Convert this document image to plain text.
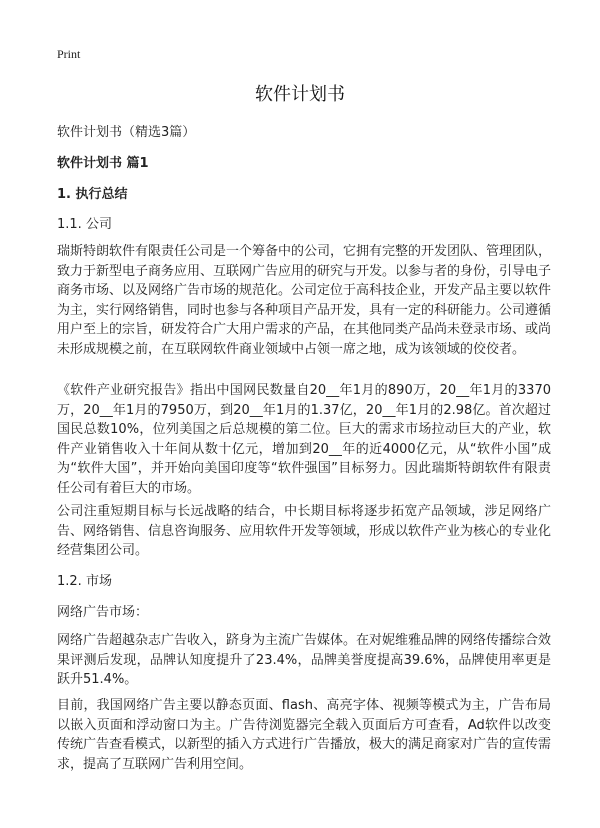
Print
软件计划书
软件计划书（精选3篇）
软件计划书 篇1
1. 执行总结
1.1. 公司
瑞斯特朗软件有限责任公司是一个筹备中的公司，它拥有完整的开发团队、管理团队，致力于新型电子商务应用、互联网广告应用的研究与开发。以参与者的身份，引导电子商务市场、以及网络广告市场的规范化。公司定位于高科技企业，开发产品主要以软件为主，实行网络销售，同时也参与各种项目产品开发，具有一定的科研能力。公司遵循用户至上的宗旨，研发符合广大用户需求的产品，在其他同类产品尚未登录市场、或尚未形成规模之前，在互联网软件商业领域中占领一席之地，成为该领域的佼佼者。
《软件产业研究报告》指出中国网民数量自20__年1月的890万，20__年1月的3370万，20__年1月的7950万，到20__年1月的1.37亿，20__年1月的2.98亿。首次超过国民总数10%，位列美国之后总规模的第二位。巨大的需求市场拉动巨大的产业，软件产业销售收入十年间从数十亿元，增加到20__年的近4000亿元，从“软件小国”成为“软件大国”，并开始向美国印度等“软件强国”目标努力。因此瑞斯特朗软件有限责任公司有着巨大的市场。
公司注重短期目标与长远战略的结合，中长期目标将逐步拓宽产品领域，涉足网络广告、网络销售、信息咨询服务、应用软件开发等领域，形成以软件产业为核心的专业化经营集团公司。
1.2. 市场
网络广告市场：
网络广告超越杂志广告收入，跻身为主流广告媒体。在对妮维雅品牌的网络传播综合效果评测后发现，品牌认知度提升了23.4%，品牌美誉度提高39.6%，品牌使用率更是跃升51.4%。
目前，我国网络广告主要以静态页面、flash、高亮字体、视频等模式为主，广告布局以嵌入页面和浮动窗口为主。广告待浏览器完全载入页面后方可查看，Ad软件以改变传统广告查看模式，以新型的插入方式进行广告播放，极大的满足商家对广告的宣传需求，提高了互联网广告利用空间。
